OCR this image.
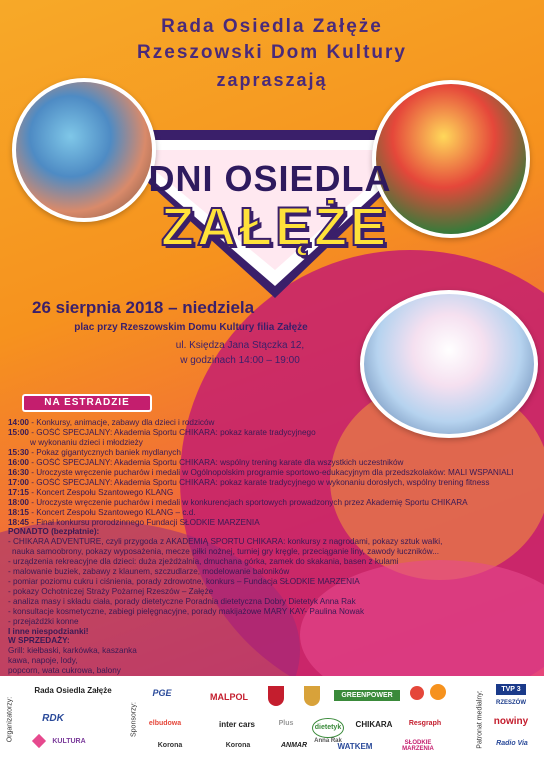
Rada Osiedla Załęże
Rzeszowski Dom Kultury
zapraszają
DNI OSIEDLA
ZAŁĘŻE
26 sierpnia 2018 – niedziela
plac przy Rzeszowskim Domu Kultury filia Załęże
ul. Księdza Jana Stączka 12,
w godzinach 14:00 – 19:00
NA ESTRADZIE
14:00 - Konkursy, animacje, zabawy dla dzieci i rodziców
15:00 - GOŚĆ SPECJALNY: Akademia Sportu CHIKARA: pokaz karate tradycyjnego
w wykonaniu dzieci i młodzieży
15:30 - Pokaz gigantycznych baniek mydlanych
16:00 - GOŚĆ SPECJALNY: Akademia Sportu CHIKARA: wspólny trening karate dla wszystkich uczestników
16:30 - Uroczyste wręczenie pucharów i medali w Ogólnopolskim programie sportowo-edukacyjnym dla przedszkolaków: MALI WSPANIALI
17:00 - GOŚĆ SPECJALNY: Akademia Sportu CHIKARA: pokaz karate tradycyjnego w wykonaniu dorosłych, wspólny trening fitness
17:15 - Koncert Zespołu Szantowego KLANG
18:00 - Uroczyste wręczenie pucharów i medali w konkurencjach sportowych prowadzonych przez Akademię Sportu CHIKARA
18:15 - Koncert Zespołu Szantowego KLANG – c.d.
18:45 - Finał konkursu prorodzinnego Fundacji SŁODKIE MARZENIA
PONADTO (bezpłatnie):
- CHIKARA ADVENTURE, czyli przygoda z AKADEMIĄ SPORTU CHIKARA: konkursy z nagrodami, pokazy sztuk walki,
nauka samoobrony, pokazy wyposażenia, mecze piłki nożnej, turniej gry kręgle, przeciąganie liny, zawody łuczników...
- urządzenia rekreacyjne dla dzieci: duża zjeżdżalnia, dmuchana górka, zamek do skakania, basen z kulami
- malowanie buziek, zabawy z klaunem, szczudlarze, modelowanie baloników
- pomiar poziomu cukru i ciśnienia, porady zdrowotne, konkurs – Fundacja SŁODKIE MARZENIA
- pokazy Ochotniczej Straży Pożarnej Rzeszów – Załęże
- analiza masy i składu ciała, porady dietetyczne Poradnia dietetyczna Dobry Dietetyk Anna Rak
- konsultacje kosmetyczne, zabiegi pielęgnacyjne, porady makijażowe MARY KAY- Paulina Nowak
- przejażdżki konne
I inne niespodzianki!
W SPRZEDAŻY:
Grill: kiełbaski, karkówka, kaszanka
kawa, napoje, lody,
popcorn, wata cukrowa, balony
Organizatorzy:	Sponsorzy:	Patronat medialny:
Rada Osiedla Załęże
RDK
KULTURA
PGE	MALPOL	GREENPOWER
elbudowa	inter cars	Plus
dietetyk
Anna Rak
CHIKARA	Resgraph
Korona	Korona	ANMAR	WATKEM	SŁODKIE MARZENIA
TVP 3
RZESZÓW
nowiny
Radio Via
